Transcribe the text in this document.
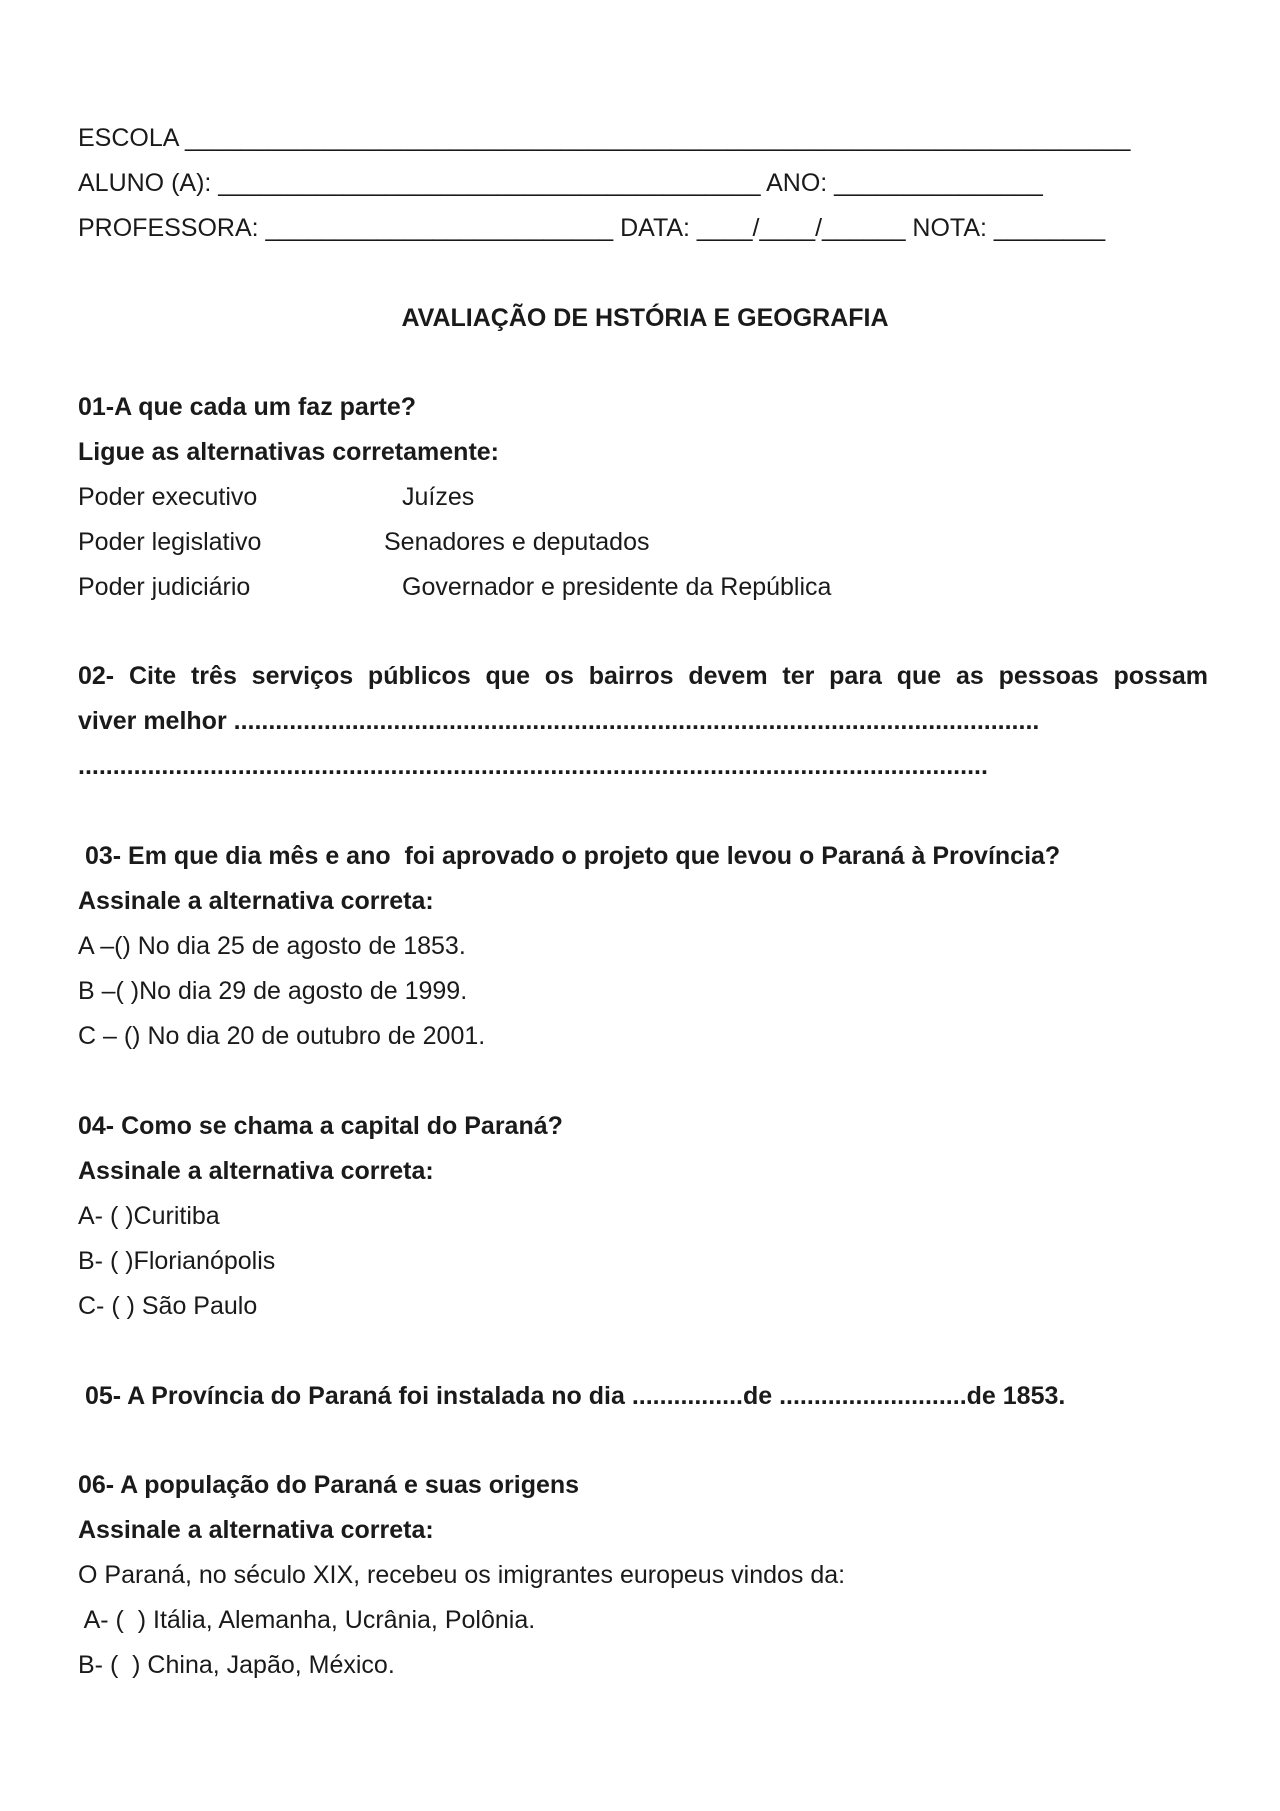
ESCOLA ____________________________________________________________________
ALUNO (A): _______________________________________ ANO: _______________
PROFESSORA: _________________________ DATA: ____/____/______ NOTA: ________
AVALIAÇÃO DE HSTÓRIA E GEOGRAFIA
01-A que cada um faz parte?
Ligue as alternativas corretamente:
Poder executivo
Poder legislativo
Poder judiciário
Juízes
Senadores e deputados
Governador e presidente da República
02- Cite três serviços públicos que os bairros devem ter para que as pessoas possam
viver melhor ....................................................................................................................
...................................................................................................................................
03- Em que dia mês e ano  foi aprovado o projeto que levou o Paraná à Província?
Assinale a alternativa correta:
A –() No dia 25 de agosto de 1853.
B –( )No dia 29 de agosto de 1999.
C – () No dia 20 de outubro de 2001.
04- Como se chama a capital do Paraná?
Assinale a alternativa correta:
A- ( )Curitiba
B- ( )Florianópolis
C- ( ) São Paulo
05- A Província do Paraná foi instalada no dia ................de ...........................de 1853.
06- A população do Paraná e suas origens
Assinale a alternativa correta:
O Paraná, no século XIX, recebeu os imigrantes europeus vindos da:
A- (  ) Itália, Alemanha, Ucrânia, Polônia.
B- (  ) China, Japão, México.
